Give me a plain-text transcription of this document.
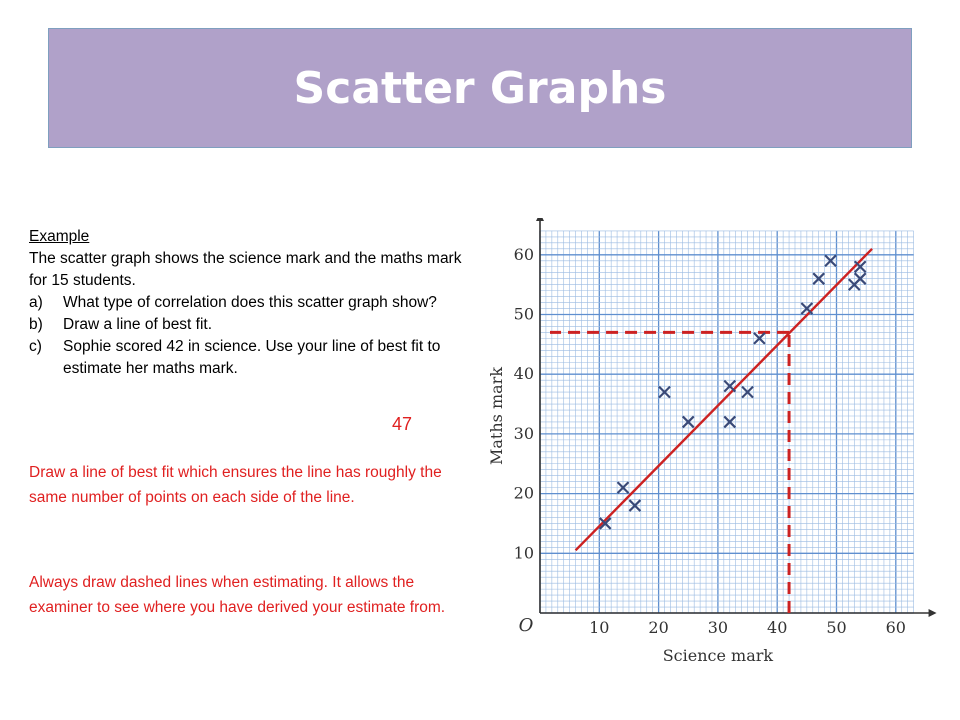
Scatter Graphs
Example
The scatter graph shows the science mark and the maths mark for 15 students.
a) What type of correlation does this scatter graph show?
b) Draw a line of best fit.
c) Sophie scored 42 in science. Use your line of best fit to estimate her maths mark.
47
Draw a line of best fit which ensures the line has roughly the same number of points on each side of the line.
Always draw dashed lines when estimating. It allows the examiner to see where you have derived your estimate from.
10 20 30 40 50 60
10
20
30
40
50
60
O
Science mark
Maths mark
